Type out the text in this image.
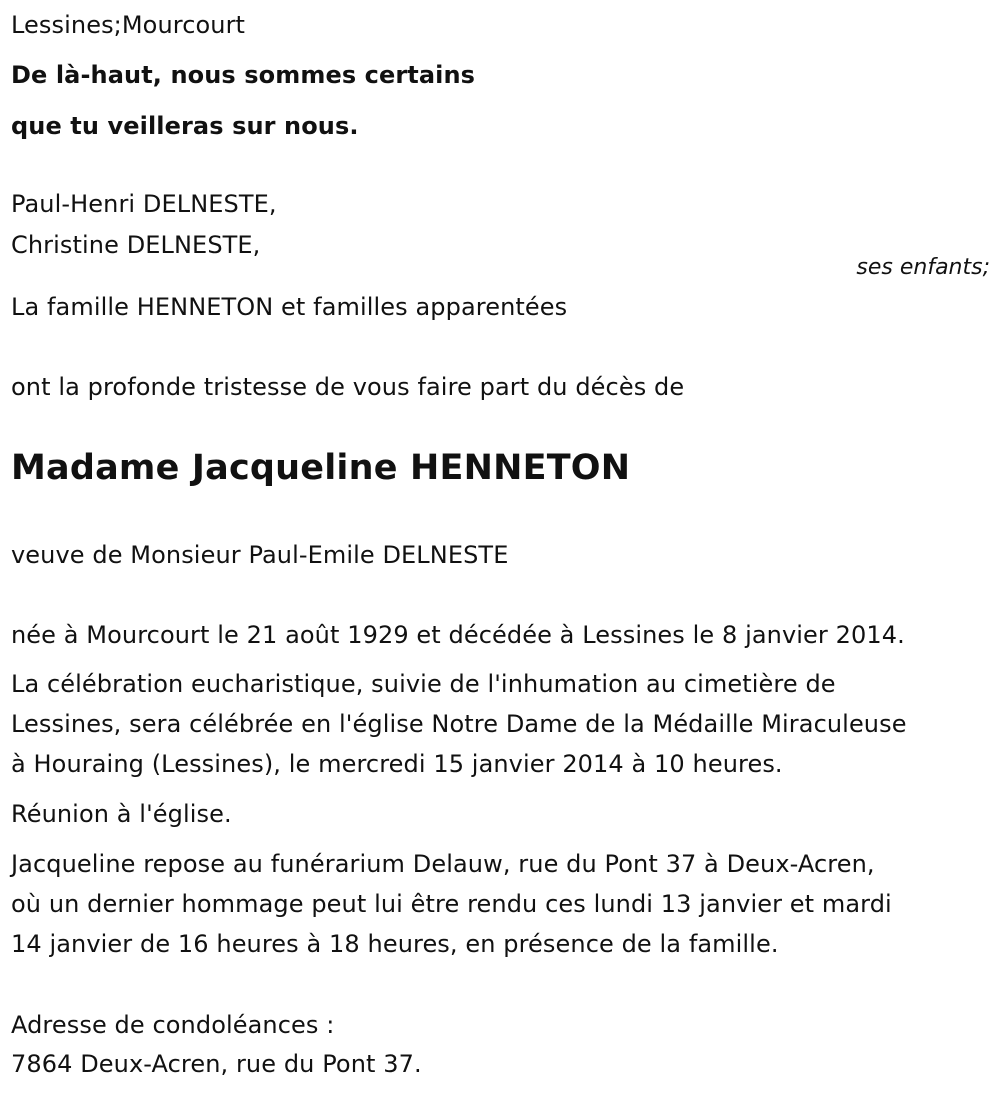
Lessines;Mourcourt
De là-haut, nous sommes certains
que tu veilleras sur nous.
Paul-Henri DELNESTE,
Christine DELNESTE,
ses enfants;
La famille HENNETON et familles apparentées
ont la profonde tristesse de vous faire part du décès de
Madame Jacqueline HENNETON
veuve de Monsieur Paul-Emile DELNESTE
née à Mourcourt le 21 août 1929 et décédée à Lessines le 8 janvier 2014.
La célébration eucharistique, suivie de l'inhumation au cimetière de
Lessines, sera célébrée en l'église Notre Dame de la Médaille Miraculeuse
à Houraing (Lessines), le mercredi 15 janvier 2014 à 10 heures.
Réunion à l'église.
Jacqueline repose au funérarium Delauw, rue du Pont 37 à Deux-Acren,
où un dernier hommage peut lui être rendu ces lundi 13 janvier et mardi
14 janvier de 16 heures à 18 heures, en présence de la famille.
Adresse de condoléances :
7864 Deux-Acren, rue du Pont 37.
